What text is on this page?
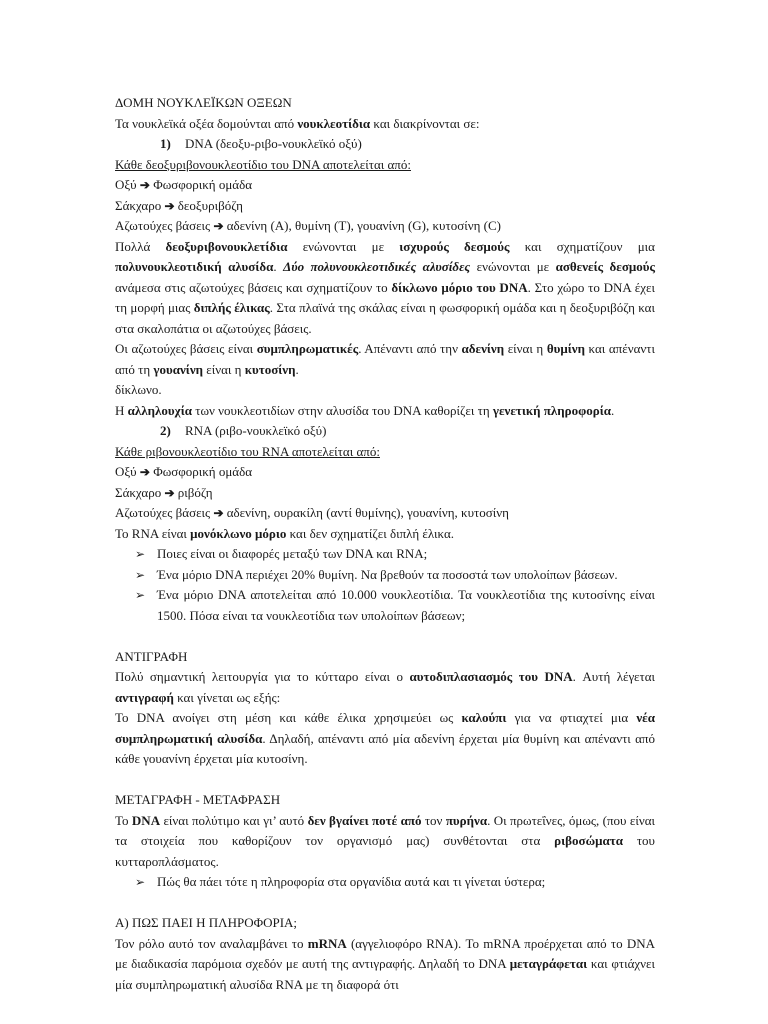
ΔΟΜΗ ΝΟΥΚΛΕΪΚΩΝ ΟΞΕΩΝ

Τα νουκλεϊκά οξέα δομούνται από νουκλεοτίδια και διακρίνονται σε:

1) DNA (δεοξυ-ριβο-νουκλεϊκό οξύ)

Κάθε δεοξυριβονουκλεοτίδιο του DNA αποτελείται από:

Οξύ ➔ Φωσφορική ομάδα

Σάκχαρο ➔ δεοξυριβόζη

Αζωτούχες βάσεις ➔ αδενίνη (A), θυμίνη (T), γουανίνη (G), κυτοσίνη (C)

Πολλά δεοξυριβονουκλετίδια ενώνονται με ισχυρούς δεσμούς και σχηματίζουν μια πολυνουκλεοτιδική αλυσίδα. Δύο πολυνουκλεοτιδικές αλυσίδες ενώνονται με ασθενείς δεσμούς ανάμεσα στις αζωτούχες βάσεις και σχηματίζουν το δίκλωνο μόριο του DNA. Στο χώρο το DNA έχει τη μορφή μιας διπλής έλικας. Στα πλαϊνά της σκάλας είναι η φωσφορική ομάδα και η δεοξυριβόζη και στα σκαλοπάτια οι αζωτούχες βάσεις.

Οι αζωτούχες βάσεις είναι συμπληρωματικές. Απέναντι από την αδενίνη είναι η θυμίνη και απέναντι από τη γουανίνη είναι η κυτοσίνη.

δίκλωνο.

Η αλληλουχία των νουκλεοτιδίων στην αλυσίδα του DNA καθορίζει τη γενετική πληροφορία.

2) RNA (ριβο-νουκλεϊκό οξύ)

Κάθε ριβονουκλεοτίδιο του RNA αποτελείται από:

Οξύ ➔ Φωσφορική ομάδα

Σάκχαρο ➔ ριβόζη

Αζωτούχες βάσεις ➔ αδενίνη, ουρακίλη (αντί θυμίνης), γουανίνη, κυτοσίνη

Το RNA είναι μονόκλωνο μόριο και δεν σχηματίζει διπλή έλικα.

➢ Ποιες είναι οι διαφορές μεταξύ των DNA και RNA;

➢ Ένα μόριο DNA περιέχει 20% θυμίνη. Να βρεθούν τα ποσοστά των υπολοίπων βάσεων.

➢ Ένα μόριο DNA αποτελείται από 10.000 νουκλεοτίδια. Τα νουκλεοτίδια της κυτοσίνης είναι 1500. Πόσα είναι τα νουκλεοτίδια των υπολοίπων βάσεων;

ΑΝΤΙΓΡΑΦΗ

Πολύ σημαντική λειτουργία για το κύτταρο είναι ο αυτοδιπλασιασμός του DNA. Αυτή λέγεται αντιγραφή και γίνεται ως εξής:

Το DNA ανοίγει στη μέση και κάθε έλικα χρησιμεύει ως καλούπι για να φτιαχτεί μια νέα συμπληρωματική αλυσίδα. Δηλαδή, απέναντι από μία αδενίνη έρχεται μία θυμίνη και απέναντι από κάθε γουανίνη έρχεται μία κυτοσίνη.

ΜΕΤΑΓΡΑΦΗ - ΜΕΤΑΦΡΑΣΗ

Το DNA είναι πολύτιμο και γι’ αυτό δεν βγαίνει ποτέ από τον πυρήνα. Οι πρωτεΐνες, όμως, (που είναι τα στοιχεία που καθορίζουν τον οργανισμό μας) συνθέτονται στα ριβοσώματα του κυτταροπλάσματος.

➢ Πώς θα πάει τότε η πληροφορία στα οργανίδια αυτά και τι γίνεται ύστερα;

Α) ΠΩΣ ΠΑΕΙ Η ΠΛΗΡΟΦΟΡΙΑ;

Τον ρόλο αυτό τον αναλαμβάνει το mRNA (αγγελιοφόρο RNA). Το mRNA προέρχεται από το DNA με διαδικασία παρόμοια σχεδόν με αυτή της αντιγραφής. Δηλαδή το DNA μεταγράφεται και φτιάχνει μία συμπληρωματική αλυσίδα RNA με τη διαφορά ότι
